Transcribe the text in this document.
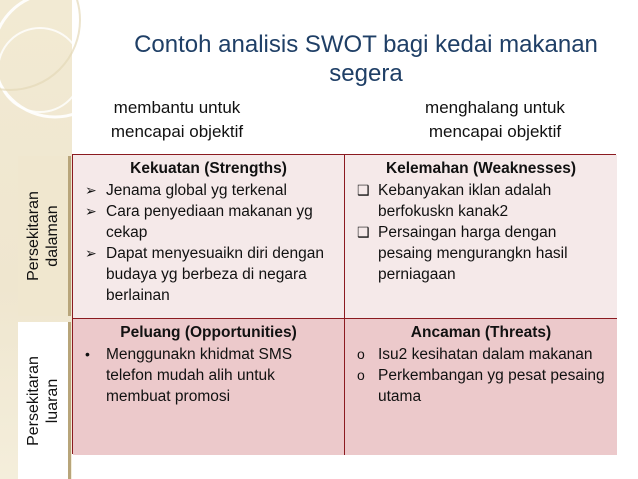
Contoh analisis SWOT bagi kedai makanan segera
membantu untuk mencapai objektif
menghalang untuk mencapai objektif
Persekitaran dalaman
Persekitaran luaran
Kekuatan (Strengths)
➢ Jenama global yg terkenal
➢ Cara penyediaan makanan yg cekap
➢ Dapat menyesuaikn diri dengan budaya yg berbeza di negara berlainan
Kelemahan (Weaknesses)
❑ Kebanyakan iklan adalah berfokuskn kanak2
❑ Persaingan harga dengan pesaing mengurangkn hasil perniagaan
Peluang (Opportunities)
• Menggunakn khidmat SMS telefon mudah alih untuk membuat promosi
Ancaman (Threats)
o Isu2 kesihatan dalam makanan
o Perkembangan yg pesat pesaing utama
